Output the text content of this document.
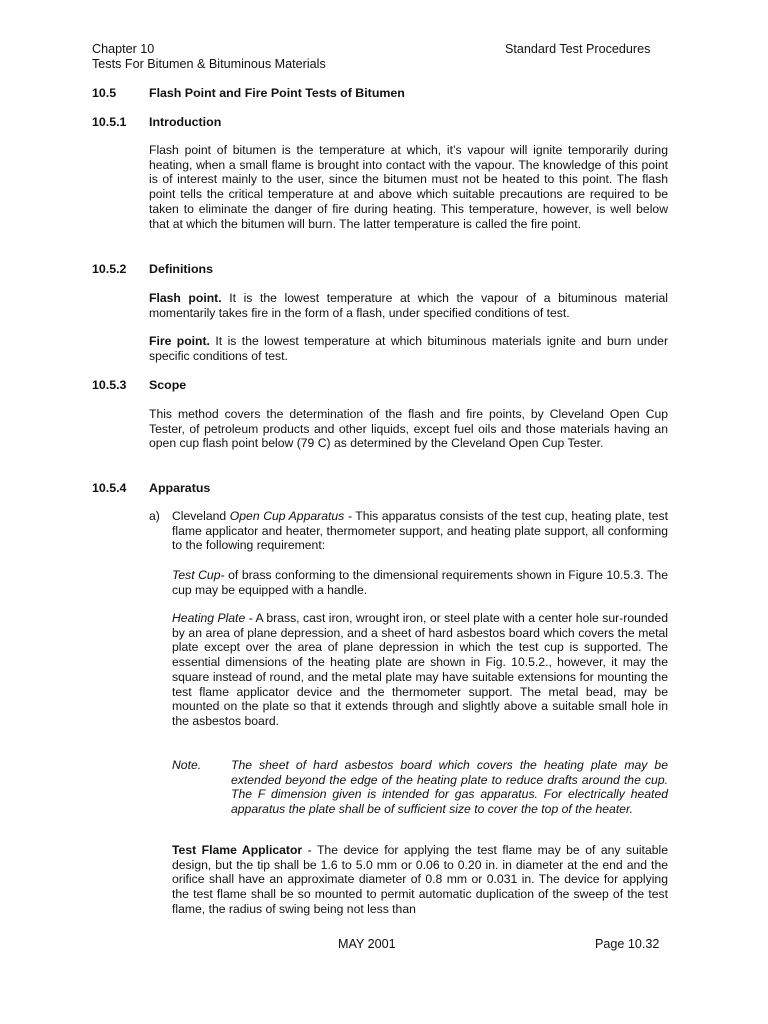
Chapter 10
Tests For Bitumen & Bituminous Materials
Standard Test Procedures
10.5	Flash Point and Fire Point Tests of Bitumen
10.5.1 Introduction
Flash point of bitumen is the temperature at which, it’s vapour will ignite temporarily during heating, when a small flame is brought into contact with the vapour. The knowledge of this point is of interest mainly to the user, since the bitumen must not be heated to this point. The flash point tells the critical temperature at and above which suitable precautions are required to be taken to eliminate the danger of fire during heating. This temperature, however, is well below that at which the bitumen will burn. The latter temperature is called the fire point.
10.5.2 Definitions
Flash point. It is the lowest temperature at which the vapour of a bituminous material momentarily takes fire in the form of a flash, under specified conditions of test.
Fire point. It is the lowest temperature at which bituminous materials ignite and burn under specific conditions of test.
10.5.3 Scope
This method covers the determination of the flash and fire points, by Cleveland Open Cup Tester, of petroleum products and other liquids, except fuel oils and those materials having an open cup flash point below (79 C) as determined by the Cleveland Open Cup Tester.
10.5.4 Apparatus
a) Cleveland Open Cup Apparatus - This apparatus consists of the test cup, heating plate, test flame applicator and heater, thermometer support, and heating plate support, all conforming to the following requirement:
Test Cup- of brass conforming to the dimensional requirements shown in Figure 10.5.3. The cup may be equipped with a handle.
Heating Plate - A brass, cast iron, wrought iron, or steel plate with a center hole sur-rounded by an area of plane depression, and a sheet of hard asbestos board which covers the metal plate except over the area of plane depression in which the test cup is supported. The essential dimensions of the heating plate are shown in Fig. 10.5.2., however, it may the square instead of round, and the metal plate may have suitable extensions for mounting the test flame applicator device and the thermometer support. The metal bead, may be mounted on the plate so that it extends through and slightly above a suitable small hole in the asbestos board.
Note. The sheet of hard asbestos board which covers the heating plate may be extended beyond the edge of the heating plate to reduce drafts around the cup. The F dimension given is intended for gas apparatus. For electrically heated apparatus the plate shall be of sufficient size to cover the top of the heater.
Test Flame Applicator - The device for applying the test flame may be of any suitable design, but the tip shall be 1.6 to 5.0 mm or 0.06 to 0.20 in. in diameter at the end and the orifice shall have an approximate diameter of 0.8 mm or 0.031 in. The device for applying the test flame shall be so mounted to permit automatic duplication of the sweep of the test flame, the radius of swing being not less than
MAY 2001	Page 10.32
